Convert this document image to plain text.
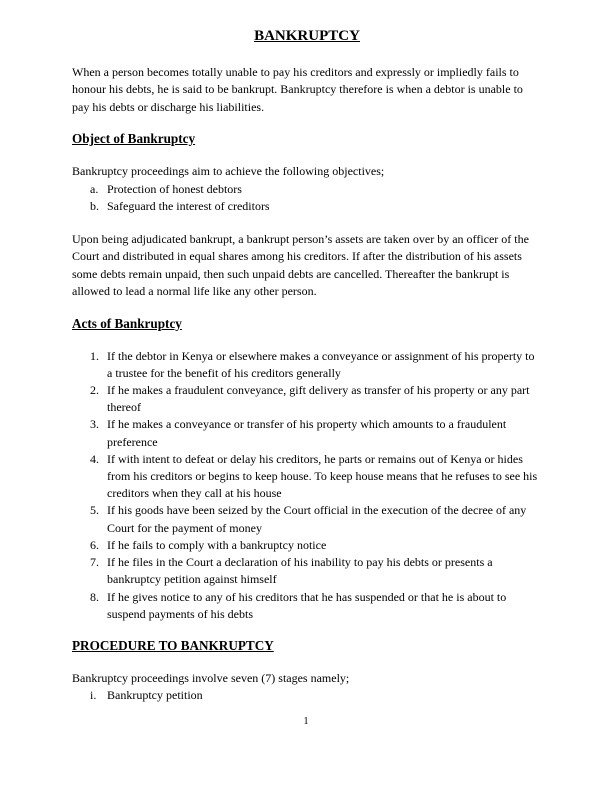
BANKRUPTCY

When a person becomes totally unable to pay his creditors and expressly or impliedly fails to honour his debts, he is said to be bankrupt. Bankruptcy therefore is when a debtor is unable to pay his debts or discharge his liabilities.

Object of Bankruptcy

Bankruptcy proceedings aim to achieve the following objectives;

a. Protection of honest debtors
b. Safeguard the interest of creditors

Upon being adjudicated bankrupt, a bankrupt person’s assets are taken over by an officer of the Court and distributed in equal shares among his creditors. If after the distribution of his assets some debts remain unpaid, then such unpaid debts are cancelled. Thereafter the bankrupt is allowed to lead a normal life like any other person.

Acts of Bankruptcy
1. If the debtor in Kenya or elsewhere makes a conveyance or assignment of his property to a trustee for the benefit of his creditors generally
2. If he makes a fraudulent conveyance, gift delivery as transfer of his property or any part thereof
3. If he makes a conveyance or transfer of his property which amounts to a fraudulent preference
4. If with intent to defeat or delay his creditors, he parts or remains out of Kenya or hides from his creditors or begins to keep house. To keep house means that he refuses to see his creditors when they call at his house
5. If his goods have been seized by the Court official in the execution of the decree of any Court for the payment of money
6. If he fails to comply with a bankruptcy notice
7. If he files in the Court a declaration of his inability to pay his debts or presents a bankruptcy petition against himself
8. If he gives notice to any of his creditors that he has suspended or that he is about to suspend payments of his debts
PROCEDURE TO BANKRUPTCY

Bankruptcy proceedings involve seven (7) stages namely;

i. Bankruptcy petition
1
